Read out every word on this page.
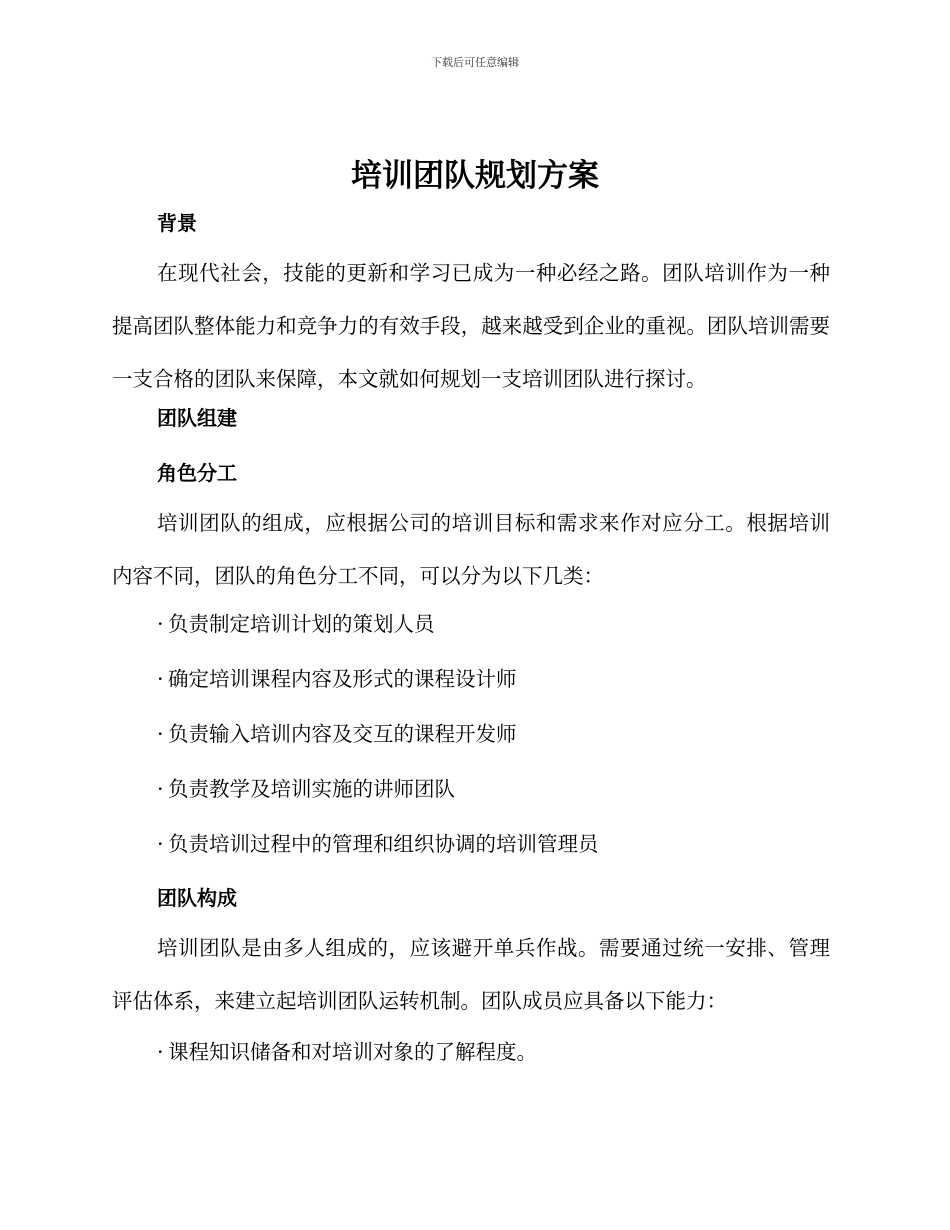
下载后可任意编辑
培训团队规划方案
背景

在现代社会，技能的更新和学习已成为一种必经之路。团队培训作为一种提高团队整体能力和竞争力的有效手段，越来越受到企业的重视。团队培训需要一支合格的团队来保障，本文就如何规划一支培训团队进行探讨。

团队组建
角色分工

培训团队的组成，应根据公司的培训目标和需求来作对应分工。根据培训内容不同，团队的角色分工不同，可以分为以下几类：

· 负责制定培训计划的策划人员

· 确定培训课程内容及形式的课程设计师

· 负责输入培训内容及交互的课程开发师

· 负责教学及培训实施的讲师团队

· 负责培训过程中的管理和组织协调的培训管理员

团队构成

培训团队是由多人组成的，应该避开单兵作战。需要通过统一安排、管理评估体系，来建立起培训团队运转机制。团队成员应具备以下能力：

· 课程知识储备和对培训对象的了解程度。
